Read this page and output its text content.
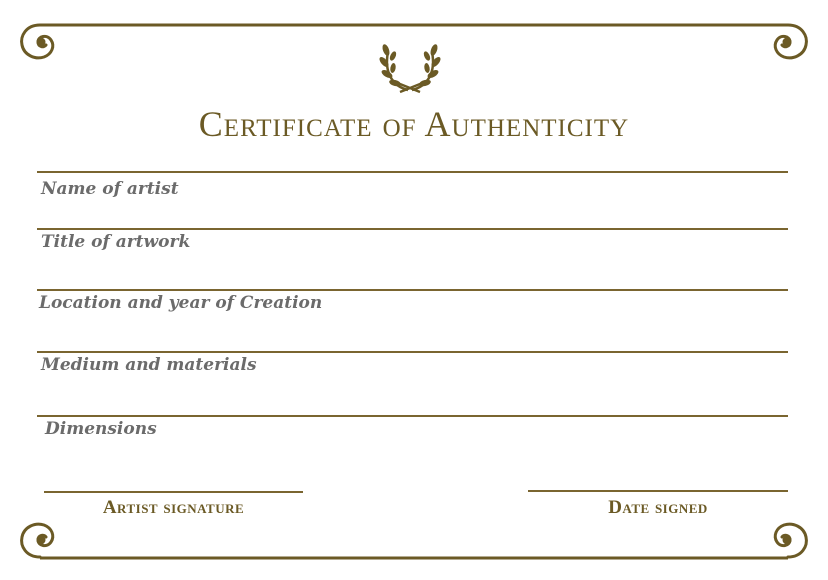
Certificate of Authenticity
Name of artist
Title of artwork
Location and year of Creation
Medium and materials
Dimensions
Artist signature	Date signed
